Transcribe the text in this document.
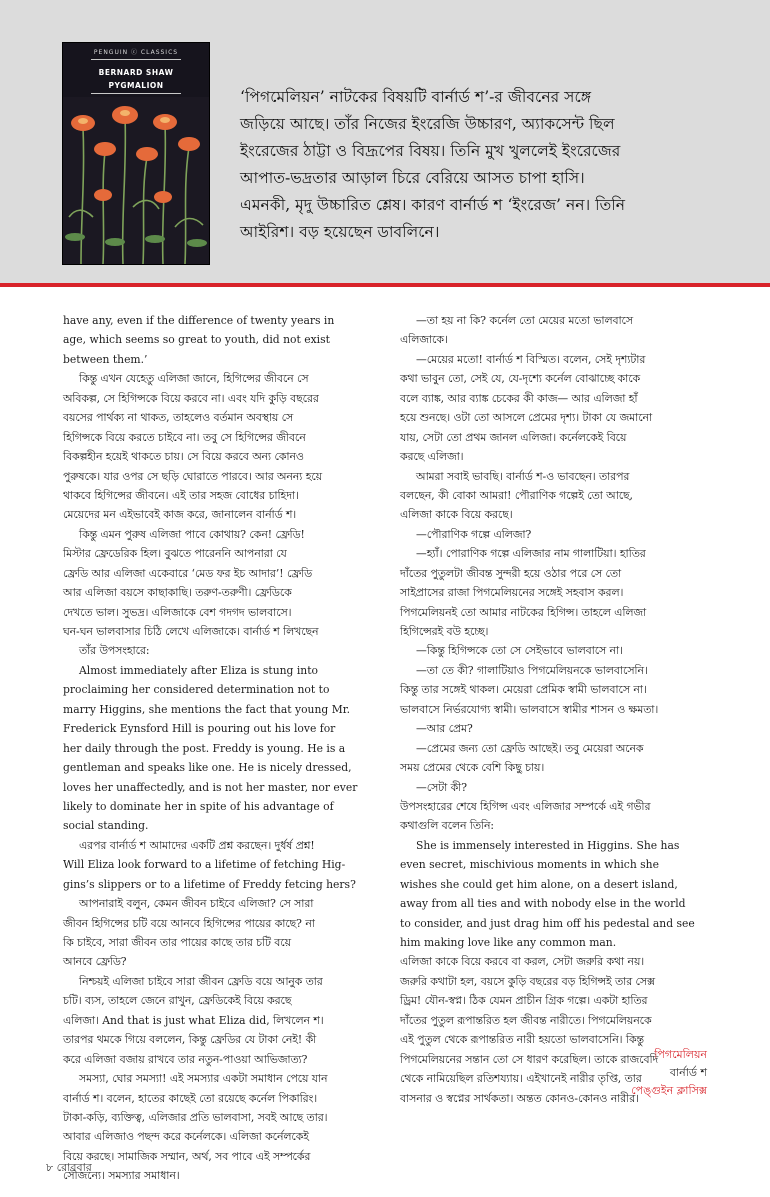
PENGUIN ⓒ CLASSICS
BERNARD SHAW
PYGMALION
‘পিগমেলিয়ন’ নাটকের বিষয়টি বার্নার্ড শ’-র জীবনের সঙ্গে
জড়িয়ে আছে। তাঁর নিজের ইংরেজি উচ্চারণ, অ্যাকসেন্ট ছিল
ইংরেজের ঠাট্টা ও বিদ্রূপের বিষয়। তিনি মুখ খুললেই ইংরেজের
আপাত-ভদ্রতার আড়াল চিরে বেরিয়ে আসত চাপা হাসি।
এমনকী, মৃদু উচ্চারিত শ্লেষ। কারণ বার্নার্ড শ ‘ইংরেজ’ নন। তিনি
আইরিশ। বড় হয়েছেন ডাবলিনে।
have any, even if the difference of twenty years in
age, which seems so great to youth, did not exist
between them.’
কিন্তু এখন যেহেতু এলিজা জানে, হিগিন্সের জীবনে সে
অবিকল্প, সে হিগিন্সকে বিয়ে করবে না। এবং যদি কুড়ি বছরের
বয়সের পার্থক্য না থাকত, তাহলেও বর্তমান অবস্থায় সে
হিগিন্সকে বিয়ে করতে চাইবে না। তবু সে হিগিন্সের জীবনে
বিকল্পহীন হয়েই থাকতে চায়। সে বিয়ে করবে অন্য কোনও
পুরুষকে। যার ওপর সে ছড়ি ঘোরাতে পারবে। আর অনন্য হয়ে
থাকবে হিগিন্সের জীবনে। এই তার সহজ বোধের চাহিদা।
মেয়েদের মন এইভাবেই কাজ করে, জানালেন বার্নার্ড শ।
কিন্তু এমন পুরুষ এলিজা পাবে কোথায়? কেন! ফ্রেডি!
মিস্টার ফ্রেডেরিক হিল। বুঝতে পারেননি আপনারা যে
ফ্রেডি আর এলিজা একেবারে ‘মেড ফর ইচ আদার’! ফ্রেডি
আর এলিজা বয়সে কাছাকাছি। তরুণ-তরুণী। ফ্রেডিকে
দেখতে ভাল। সুভদ্র। এলিজাকে বেশ গদগদ ভালবাসে।
ঘন-ঘন ভালবাসার চিঠি লেখে এলিজাকে। বার্নার্ড শ লিখছেন
তাঁর উপসংহারে:
Almost immediately after Eliza is stung into
proclaiming her considered determination not to
marry Higgins, she mentions the fact that young Mr.
Frederick Eynsford Hill is pouring out his love for
her daily through the post. Freddy is young. He is a
gentleman and speaks like one. He is nicely dressed,
loves her unaffectedly, and is not her master, nor ever
likely to dominate her in spite of his advantage of
social standing.
এরপর বার্নার্ড শ আমাদের একটি প্রশ্ন করছেন। দুর্ধর্ষ প্রশ্ন!
Will Eliza look forward to a lifetime of fetching Hig-
gins’s slippers or to a lifetime of Freddy fetcing hers?
আপনারাই বলুন, কেমন জীবন চাইবে এলিজা? সে সারা
জীবন হিগিন্সের চটি বয়ে আনবে হিগিন্সের পায়ের কাছে? না
কি চাইবে, সারা জীবন তার পায়ের কাছে তার চটি বয়ে
আনবে ফ্রেডি?
নিশ্চয়ই এলিজা চাইবে সারা জীবন ফ্রেডি বয়ে আনুক তার
চটি। ব্যস, তাহলে জেনে রাখুন, ফ্রেডিকেই বিয়ে করছে
এলিজা। And that is just what Eliza did, লিখলেন শ।
তারপর থমকে গিয়ে বললেন, কিন্তু ফ্রেডির যে টাকা নেই! কী
করে এলিজা বজায় রাখবে তার নতুন-পাওয়া আভিজাত্য?
সমস্যা, ঘোর সমস্যা! এই সমস্যার একটা সমাধান পেয়ে যান
বার্নার্ড শ। বলেন, হাতের কাছেই তো রয়েছে কর্নেল পিকারিং।
টাকা-কড়ি, ব্যক্তিত্ব, এলিজার প্রতি ভালবাসা, সবই আছে তার।
আবার এলিজাও পছন্দ করে কর্নেলকে। এলিজা কর্নেলকেই
বিয়ে করছে। সামাজিক সম্মান, অর্থ, সব পাবে এই সম্পর্কের
সৌজন্যে। সমস্যার সমাধান।
—তা হয় না কি? কর্নেল তো মেয়ের মতো ভালবাসে
এলিজাকে।
—মেয়ের মতো! বার্নার্ড শ বিস্মিত। বলেন, সেই দৃশ্যটার
কথা ভাবুন তো, সেই যে, যে-দৃশ্যে কর্নেল বোঝাচ্ছে কাকে
বলে ব্যাঙ্ক, আর ব্যাঙ্ক চেকের কী কাজ— আর এলিজা হাঁ
হয়ে শুনছে। ওটা তো আসলে প্রেমের দৃশ্য। টাকা যে জমানো
যায়, সেটা তো প্রথম জানল এলিজা। কর্নেলকেই বিয়ে
করছে এলিজা।
আমরা সবাই ভাবছি। বার্নার্ড শ-ও ভাবছেন। তারপর
বলছেন, কী বোকা আমরা! পৌরাণিক গল্পেই তো আছে,
এলিজা কাকে বিয়ে করছে।
—পৌরাণিক গল্পে এলিজা?
—হ্যাঁ। পোরাণিক গল্পে এলিজার নাম গালাটিয়া। হাতির
দাঁতের পুতুলটা জীবন্ত সুন্দরী হয়ে ওঠার পরে সে তো
সাইপ্রাসের রাজা পিগমেলিয়নের সঙ্গেই সহবাস করল।
পিগমেলিয়নই তো আমার নাটকের হিগিন্স। তাহলে এলিজা
হিগিন্সেরই বউ হচ্ছে।
—কিন্তু হিগিন্সকে তো সে সেইভাবে ভালবাসে না।
—তা তে কী? গালাটিয়াও পিগমেলিয়নকে ভালবাসেনি।
কিন্তু তার সঙ্গেই থাকল। মেয়েরা প্রেমিক স্বামী ভালবাসে না।
ভালবাসে নির্ভরযোগ্য স্বামী। ভালবাসে স্বামীর শাসন ও ক্ষমতা।
—আর প্রেম?
—প্রেমের জন্য তো ফ্রেডি আছেই। তবু মেয়েরা অনেক
সময় প্রেমের থেকে বেশি কিছু চায়।
—সেটা কী?
উপসংহারের শেষে হিগিন্স এবং এলিজার সম্পর্কে এই গভীর
কথাগুলি বলেন তিনি:
She is immensely interested in Higgins. She has
even secret, mischivious moments in which she
wishes she could get him alone, on a desert island,
away from all ties and with nobody else in the world
to consider, and just drag him off his pedestal and see
him making love like any common man.
এলিজা কাকে বিয়ে করবে বা করল, সেটা জরুরি কথা নয়।
জরুরি কথাটা হল, বয়সে কুড়ি বছরের বড় হিগিন্সই তার সেক্স
ড্রিম! যৌন-স্বপ্ন। ঠিক যেমন প্রাচীন গ্রিক গল্পে। একটা হাতির
দাঁতের পুতুল রূপান্তরিত হল জীবন্ত নারীতে। পিগমেলিয়নকে
এই পুতুল থেকে রূপান্তরিত নারী হয়তো ভালবাসেনি। কিন্তু
পিগমেলিয়নের সন্তান তো সে ধারণ করেছিল। তাকে রাজবেদি
থেকে নামিয়েছিল রতিশয্যায়। এইখানেই নারীর তৃপ্তি, তার
বাসনার ও স্বপ্নের সার্থকতা। অন্তত কোনও-কোনও নারীর।
পিগমেলিয়ন
বার্নার্ড শ
পেঙ্গুইন ক্লাসিক্স
৮ রোববার
